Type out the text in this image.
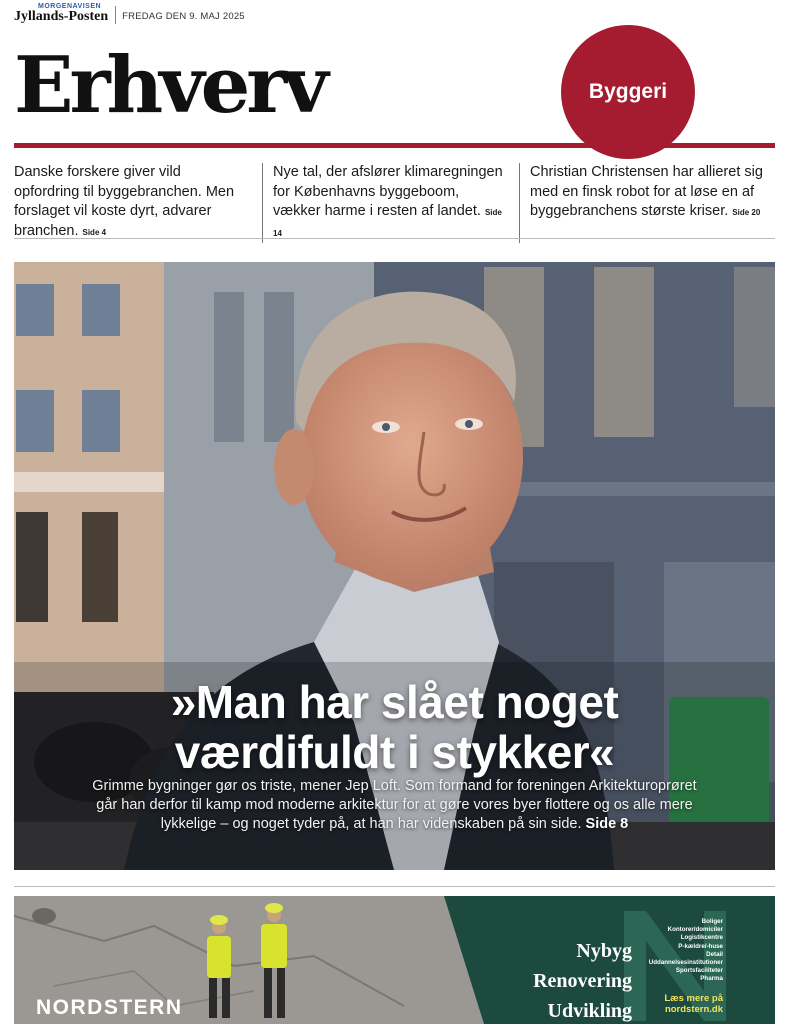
MORGENAVISEN
Jyllands-Posten FREDAG DEN 9. MAJ 2025
Erhverv	Byggeri
Danske forskere giver vild opfordring til byggebranchen. Men forslaget vil koste dyrt, advarer branchen. Side 4
Nye tal, der afslører klimaregningen for Københavns byggeboom, vækker harme i resten af landet. Side 14
Christian Christensen har allieret sig med en finsk robot for at løse en af byggebranchens største kriser. Side 20
»Man har slået noget
værdifuldt i stykker«
Grimme bygninger gør os triste, mener Jep Loft. Som formand for foreningen Arkitekturoprøret går han derfor til kamp mod moderne arkitektur for at gøre vores byer flottere og os alle mere lykkelige – og noget tyder på, at han har videnskaben på sin side. Side 8
NORDSTERN
Nybyg
Renovering
Udvikling
Boliger
Kontorer/domiciler
Logistikcentre
P-kældre/-huse
Detail
Uddannelsesinstitutioner
Sportsfaciliteter
Pharma
Læs mere på
nordstern.dk
